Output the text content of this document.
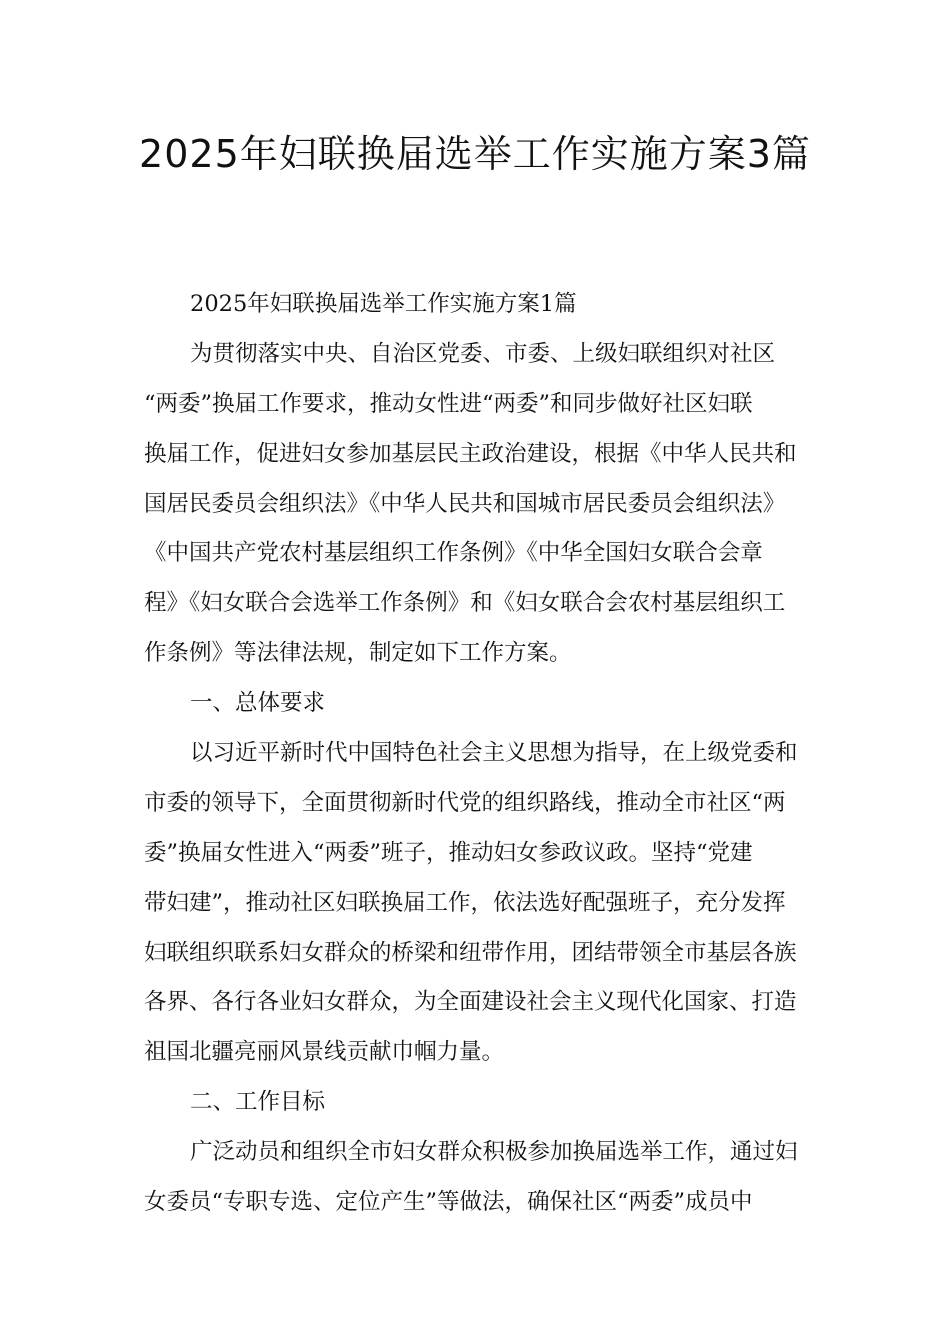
2025年妇联换届选举工作实施方案3篇
2025年妇联换届选举工作实施方案1篇
为贯彻落实中央、自治区党委、市委、上级妇联组织对社区
“两委”换届工作要求，推动女性进“两委”和同步做好社区妇联
换届工作，促进妇女参加基层民主政治建设，根据《中华人民共和
国居民委员会组织法》《中华人民共和国城市居民委员会组织法》
《中国共产党农村基层组织工作条例》《中华全国妇女联合会章
程》《妇女联合会选举工作条例》和《妇女联合会农村基层组织工
作条例》等法律法规，制定如下工作方案。
一、总体要求
以习近平新时代中国特色社会主义思想为指导，在上级党委和
市委的领导下，全面贯彻新时代党的组织路线，推动全市社区“两
委”换届女性进入“两委”班子，推动妇女参政议政。坚持“党建
带妇建”，推动社区妇联换届工作，依法选好配强班子，充分发挥
妇联组织联系妇女群众的桥梁和纽带作用，团结带领全市基层各族
各界、各行各业妇女群众，为全面建设社会主义现代化国家、打造
祖国北疆亮丽风景线贡献巾帼力量。
二、工作目标
广泛动员和组织全市妇女群众积极参加换届选举工作，通过妇
女委员“专职专选、定位产生”等做法，确保社区“两委”成员中
